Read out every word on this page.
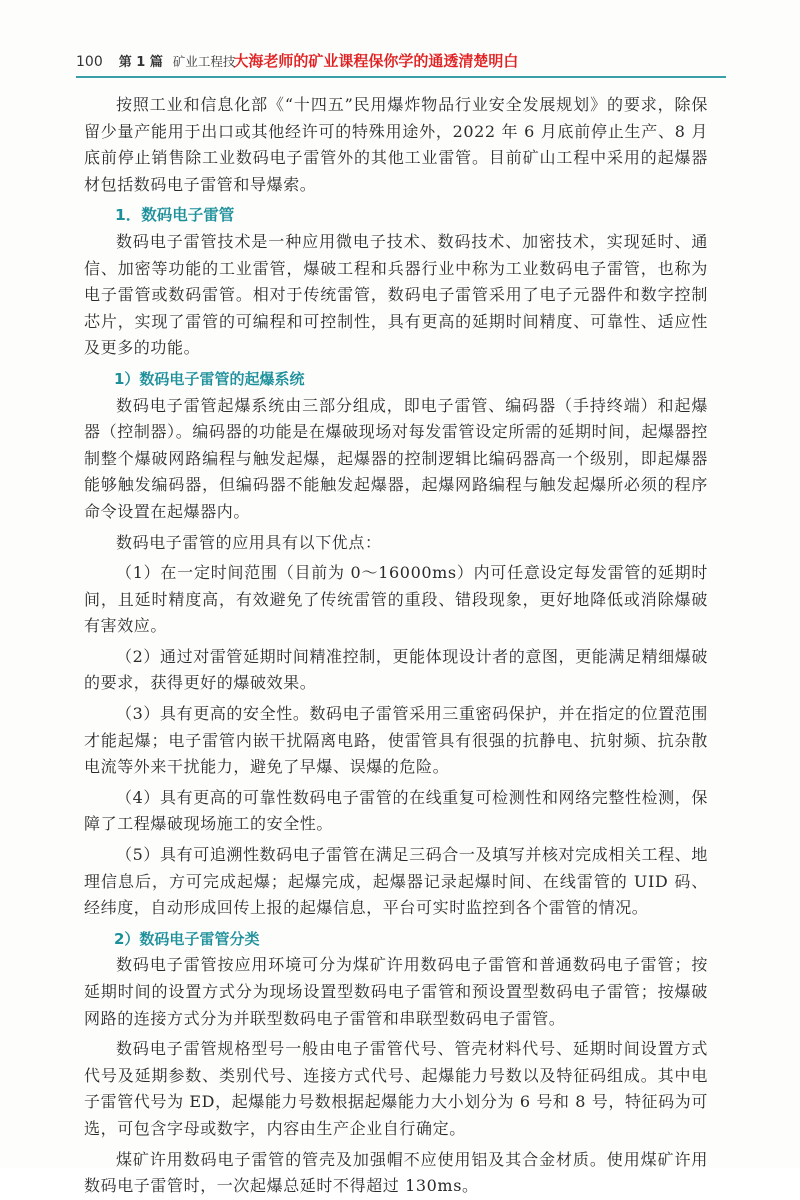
100 第 1 篇 矿业工程技
大海老师的矿业课程保你学的通透清楚明白

按照工业和信息化部《“十四五”民用爆炸物品行业安全发展规划》的要求，除保留少量产能用于出口或其他经许可的特殊用途外，2022 年 6 月底前停止生产、8 月底前停止销售除工业数码电子雷管外的其他工业雷管。目前矿山工程中采用的起爆器材包括数码电子雷管和导爆索。

1．数码电子雷管

数码电子雷管技术是一种应用微电子技术、数码技术、加密技术，实现延时、通信、加密等功能的工业雷管，爆破工程和兵器行业中称为工业数码电子雷管，也称为电子雷管或数码雷管。相对于传统雷管，数码电子雷管采用了电子元器件和数字控制芯片，实现了雷管的可编程和可控制性，具有更高的延期时间精度、可靠性、适应性及更多的功能。

1）数码电子雷管的起爆系统

数码电子雷管起爆系统由三部分组成，即电子雷管、编码器（手持终端）和起爆器（控制器）。编码器的功能是在爆破现场对每发雷管设定所需的延期时间，起爆器控制整个爆破网路编程与触发起爆，起爆器的控制逻辑比编码器高一个级别，即起爆器能够触发编码器，但编码器不能触发起爆器，起爆网路编程与触发起爆所必须的程序命令设置在起爆器内。

数码电子雷管的应用具有以下优点：

（1）在一定时间范围（目前为 0～16000ms）内可任意设定每发雷管的延期时间，且延时精度高，有效避免了传统雷管的重段、错段现象，更好地降低或消除爆破有害效应。

（2）通过对雷管延期时间精准控制，更能体现设计者的意图，更能满足精细爆破的要求，获得更好的爆破效果。

（3）具有更高的安全性。数码电子雷管采用三重密码保护，并在指定的位置范围才能起爆；电子雷管内嵌干扰隔离电路，使雷管具有很强的抗静电、抗射频、抗杂散电流等外来干扰能力，避免了早爆、误爆的危险。

（4）具有更高的可靠性数码电子雷管的在线重复可检测性和网络完整性检测，保障了工程爆破现场施工的安全性。

（5）具有可追溯性数码电子雷管在满足三码合一及填写并核对完成相关工程、地理信息后，方可完成起爆；起爆完成，起爆器记录起爆时间、在线雷管的 UID 码、经纬度，自动形成回传上报的起爆信息，平台可实时监控到各个雷管的情况。

2）数码电子雷管分类

数码电子雷管按应用环境可分为煤矿许用数码电子雷管和普通数码电子雷管；按延期时间的设置方式分为现场设置型数码电子雷管和预设置型数码电子雷管；按爆破网路的连接方式分为并联型数码电子雷管和串联型数码电子雷管。

数码电子雷管规格型号一般由电子雷管代号、管壳材料代号、延期时间设置方式代号及延期参数、类别代号、连接方式代号、起爆能力号数以及特征码组成。其中电子雷管代号为 ED，起爆能力号数根据起爆能力大小划分为 6 号和 8 号，特征码为可选，可包含字母或数字，内容由生产企业自行确定。

煤矿许用数码电子雷管的管壳及加强帽不应使用铝及其合金材质。使用煤矿许用数码电子雷管时，一次起爆总延时不得超过 130ms。
